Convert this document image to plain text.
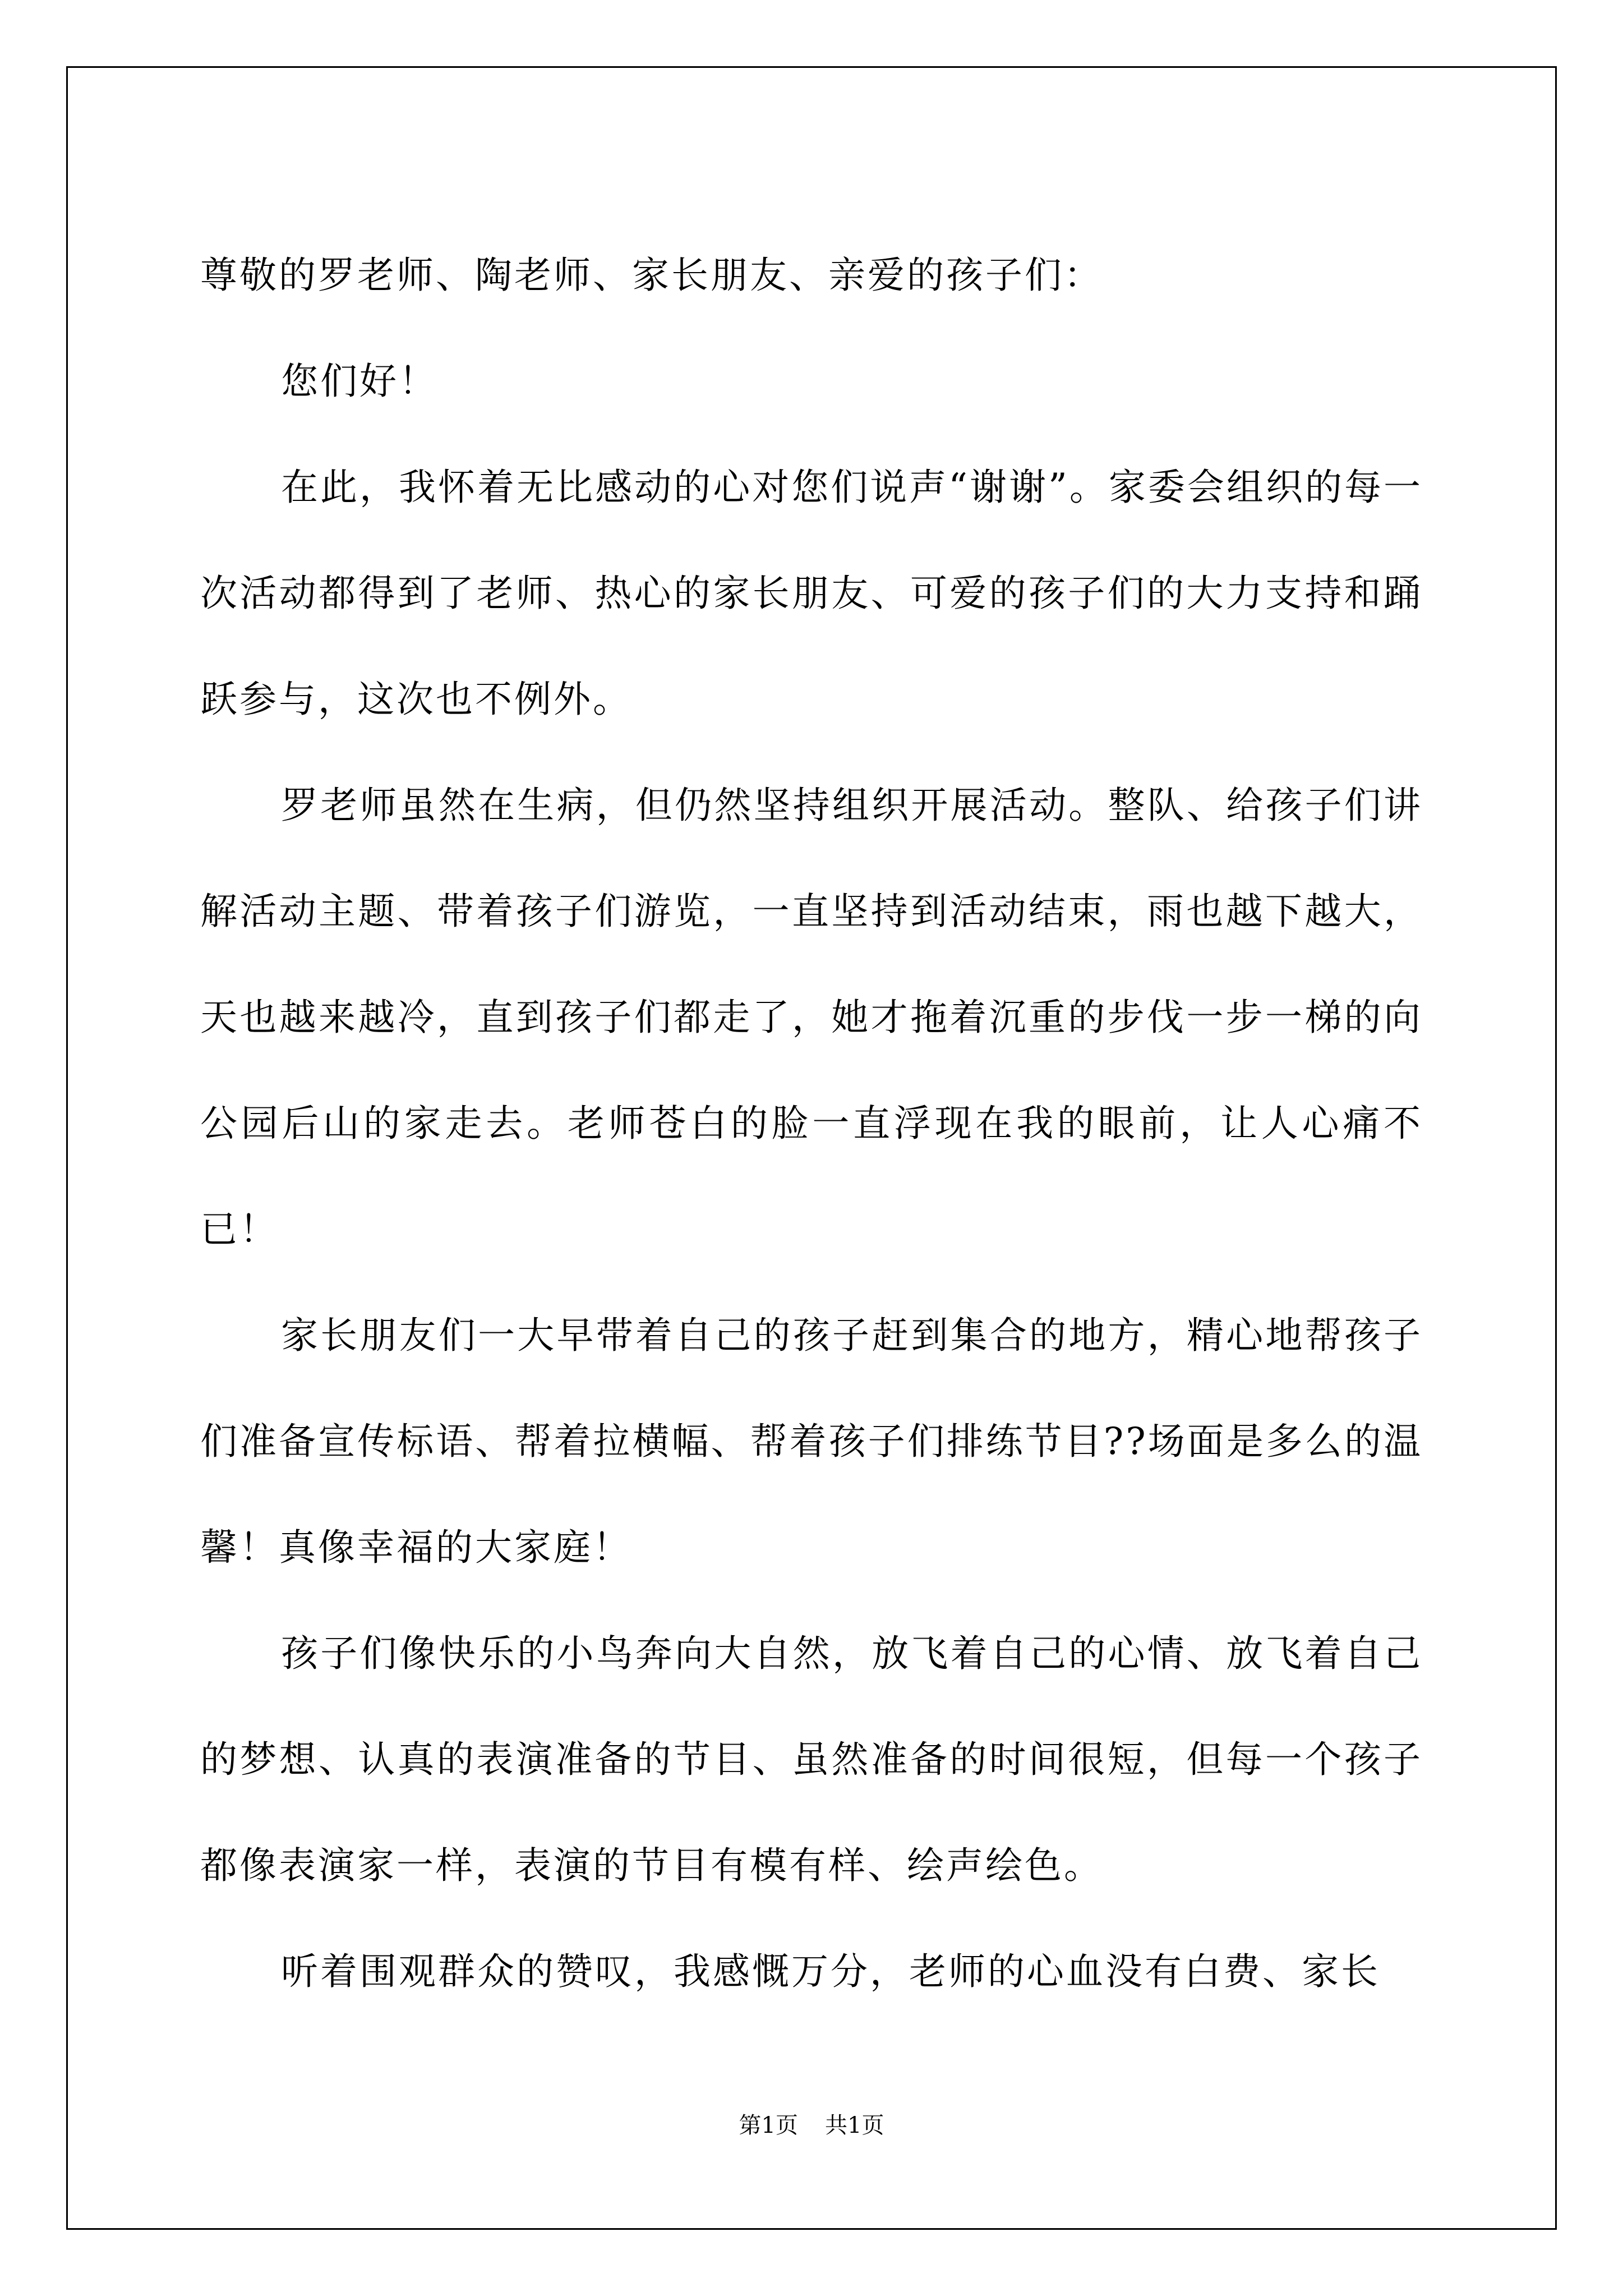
尊敬的罗老师、陶老师、家长朋友、亲爱的孩子们：

您们好！

在此，我怀着无比感动的心对您们说声“谢谢”。家委会组织的每一次活动都得到了老师、热心的家长朋友、可爱的孩子们的大力支持和踊跃参与，这次也不例外。

罗老师虽然在生病，但仍然坚持组织开展活动。整队、给孩子们讲解活动主题、带着孩子们游览，一直坚持到活动结束，雨也越下越大，天也越来越冷，直到孩子们都走了，她才拖着沉重的步伐一步一梯的向公园后山的家走去。老师苍白的脸一直浮现在我的眼前，让人心痛不已！

家长朋友们一大早带着自己的孩子赶到集合的地方，精心地帮孩子们准备宣传标语、帮着拉横幅、帮着孩子们排练节目??场面是多么的温馨！真像幸福的大家庭！

孩子们像快乐的小鸟奔向大自然，放飞着自己的心情、放飞着自己的梦想、认真的表演准备的节目、虽然准备的时间很短，但每一个孩子都像表演家一样，表演的节目有模有样、绘声绘色。

听着围观群众的赞叹，我感慨万分，老师的心血没有白费、家长

第1页 共1页
